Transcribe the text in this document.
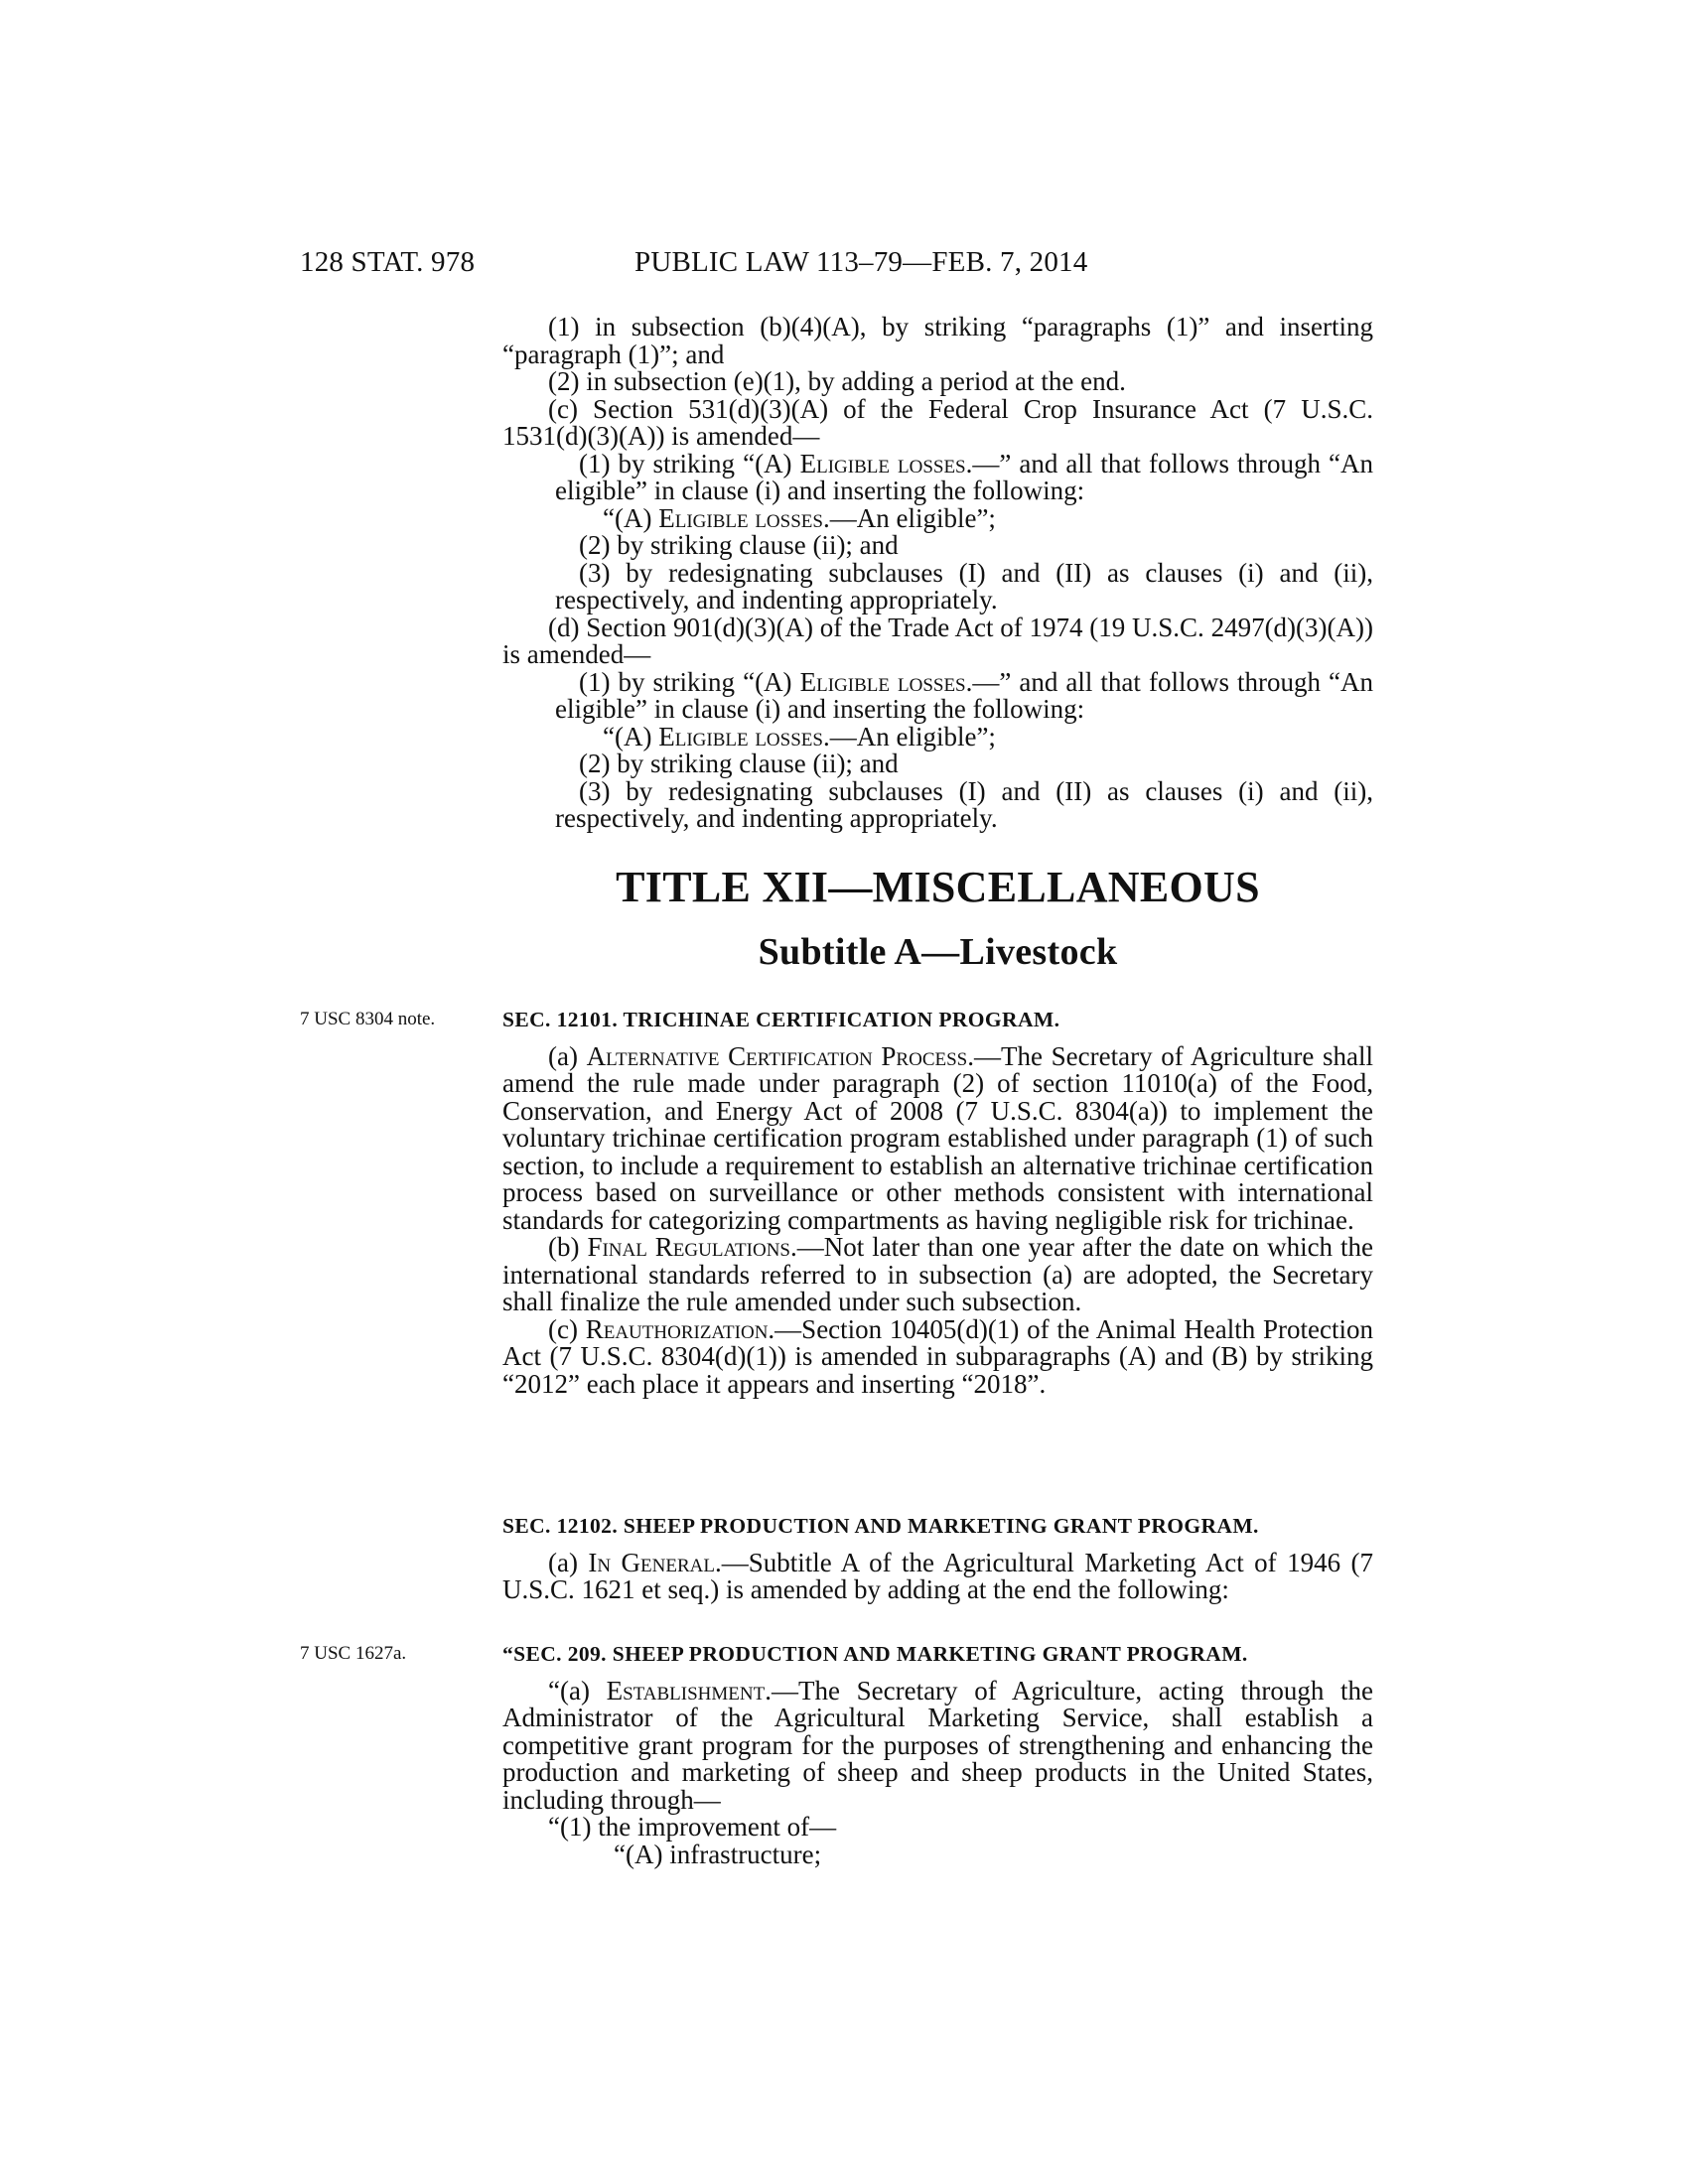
128 STAT. 978	PUBLIC LAW 113–79—FEB. 7, 2014

(1) in subsection (b)(4)(A), by striking “paragraphs (1)” and inserting “paragraph (1)”; and

(2) in subsection (e)(1), by adding a period at the end.

(c) Section 531(d)(3)(A) of the Federal Crop Insurance Act (7 U.S.C. 1531(d)(3)(A)) is amended—

(1) by striking “(A) Eligible losses.—” and all that follows through “An eligible” in clause (i) and inserting the following:

“(A) Eligible losses.—An eligible”;

(2) by striking clause (ii); and

(3) by redesignating subclauses (I) and (II) as clauses (i) and (ii), respectively, and indenting appropriately.

(d) Section 901(d)(3)(A) of the Trade Act of 1974 (19 U.S.C. 2497(d)(3)(A)) is amended—

(1) by striking “(A) Eligible losses.—” and all that follows through “An eligible” in clause (i) and inserting the following:

“(A) Eligible losses.—An eligible”;

(2) by striking clause (ii); and

(3) by redesignating subclauses (I) and (II) as clauses (i) and (ii), respectively, and indenting appropriately.

TITLE XII—MISCELLANEOUS
Subtitle A—Livestock
7 USC 8304 note.	SEC. 12101. TRICHINAE CERTIFICATION PROGRAM.

(a) Alternative Certification Process.—The Secretary of Agriculture shall amend the rule made under paragraph (2) of section 11010(a) of the Food, Conservation, and Energy Act of 2008 (7 U.S.C. 8304(a)) to implement the voluntary trichinae certification program established under paragraph (1) of such section, to include a requirement to establish an alternative trichinae certification process based on surveillance or other methods consistent with international standards for categorizing compartments as having negligible risk for trichinae.

(b) Final Regulations.—Not later than one year after the date on which the international standards referred to in subsection (a) are adopted, the Secretary shall finalize the rule amended under such subsection.

(c) Reauthorization.—Section 10405(d)(1) of the Animal Health Protection Act (7 U.S.C. 8304(d)(1)) is amended in subparagraphs (A) and (B) by striking “2012” each place it appears and inserting “2018”.

SEC. 12102. SHEEP PRODUCTION AND MARKETING GRANT PROGRAM.

(a) In General.—Subtitle A of the Agricultural Marketing Act of 1946 (7 U.S.C. 1621 et seq.) is amended by adding at the end the following:

7 USC 1627a.	“SEC. 209. SHEEP PRODUCTION AND MARKETING GRANT PROGRAM.

“(a) Establishment.—The Secretary of Agriculture, acting through the Administrator of the Agricultural Marketing Service, shall establish a competitive grant program for the purposes of strengthening and enhancing the production and marketing of sheep and sheep products in the United States, including through—

“(1) the improvement of—

“(A) infrastructure;
